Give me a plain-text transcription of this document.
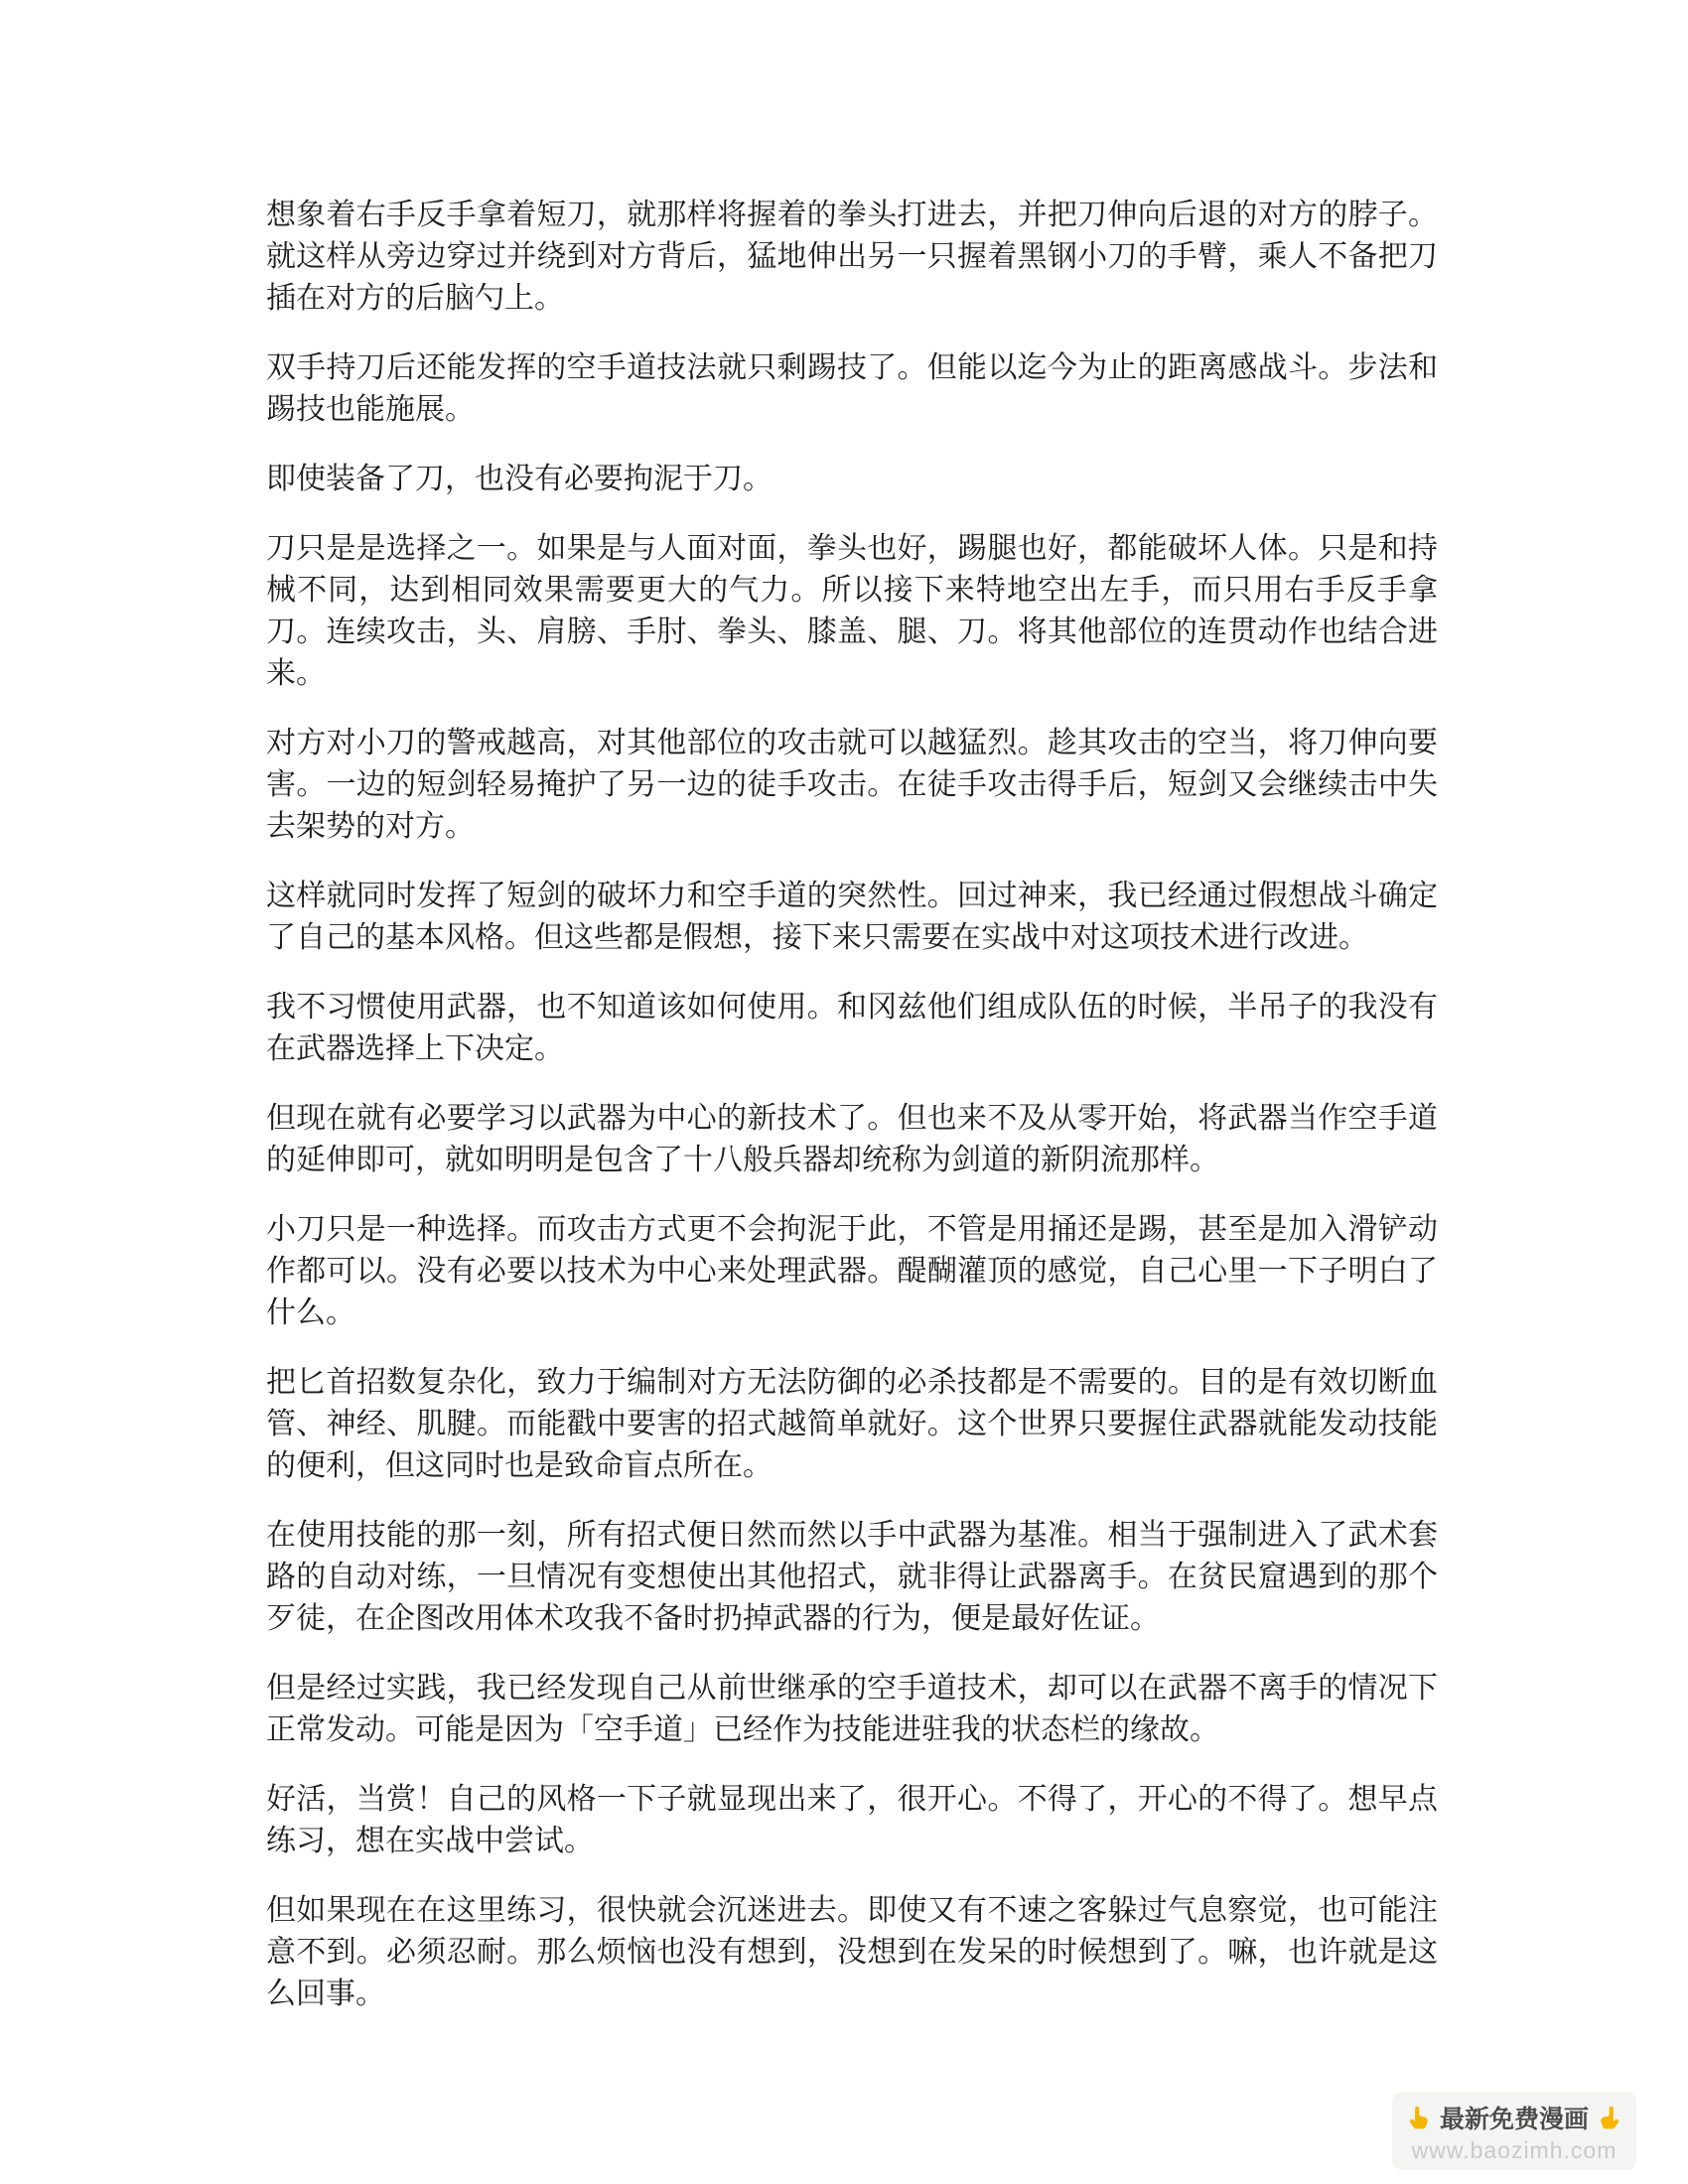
想象着右手反手拿着短刀，就那样将握着的拳头打进去，并把刀伸向后退的对方的脖子。就这样从旁边穿过并绕到对方背后，猛地伸出另一只握着黑钢小刀的手臂，乘人不备把刀插在对方的后脑勺上。

双手持刀后还能发挥的空手道技法就只剩踢技了。但能以迄今为止的距离感战斗。步法和踢技也能施展。

即使装备了刀，也没有必要拘泥于刀。

刀只是是选择之一。如果是与人面对面，拳头也好，踢腿也好，都能破坏人体。只是和持械不同，达到相同效果需要更大的气力。所以接下来特地空出左手，而只用右手反手拿刀。连续攻击，头、肩膀、手肘、拳头、膝盖、腿、刀。将其他部位的连贯动作也结合进来。

对方对小刀的警戒越高，对其他部位的攻击就可以越猛烈。趁其攻击的空当，将刀伸向要害。一边的短剑轻易掩护了另一边的徒手攻击。在徒手攻击得手后，短剑又会继续击中失去架势的对方。

这样就同时发挥了短剑的破坏力和空手道的突然性。回过神来，我已经通过假想战斗确定了自己的基本风格。但这些都是假想，接下来只需要在实战中对这项技术进行改进。

我不习惯使用武器，也不知道该如何使用。和冈兹他们组成队伍的时候，半吊子的我没有在武器选择上下决定。

但现在就有必要学习以武器为中心的新技术了。但也来不及从零开始，将武器当作空手道的延伸即可，就如明明是包含了十八般兵器却统称为剑道的新阴流那样。

小刀只是一种选择。而攻击方式更不会拘泥于此，不管是用捅还是踢，甚至是加入滑铲动作都可以。没有必要以技术为中心来处理武器。醍醐灌顶的感觉，自己心里一下子明白了什么。

把匕首招数复杂化，致力于编制对方无法防御的必杀技都是不需要的。目的是有效切断血管、神经、肌腱。而能戳中要害的招式越简单就好。这个世界只要握住武器就能发动技能的便利，但这同时也是致命盲点所在。

在使用技能的那一刻，所有招式便日然而然以手中武器为基准。相当于强制进入了武术套路的自动对练，一旦情况有变想使出其他招式，就非得让武器离手。在贫民窟遇到的那个歹徒，在企图改用体术攻我不备时扔掉武器的行为，便是最好佐证。

但是经过实践，我已经发现自己从前世继承的空手道技术，却可以在武器不离手的情况下正常发动。可能是因为「空手道」已经作为技能进驻我的状态栏的缘故。

好活，当赏！自己的风格一下子就显现出来了，很开心。不得了，开心的不得了。想早点练习，想在实战中尝试。

但如果现在在这里练习，很快就会沉迷进去。即使又有不速之客躲过气息察觉，也可能注意不到。必须忍耐。那么烦恼也没有想到，没想到在发呆的时候想到了。嘛，也许就是这么回事。

最新免费漫画
www.baozimh.com
